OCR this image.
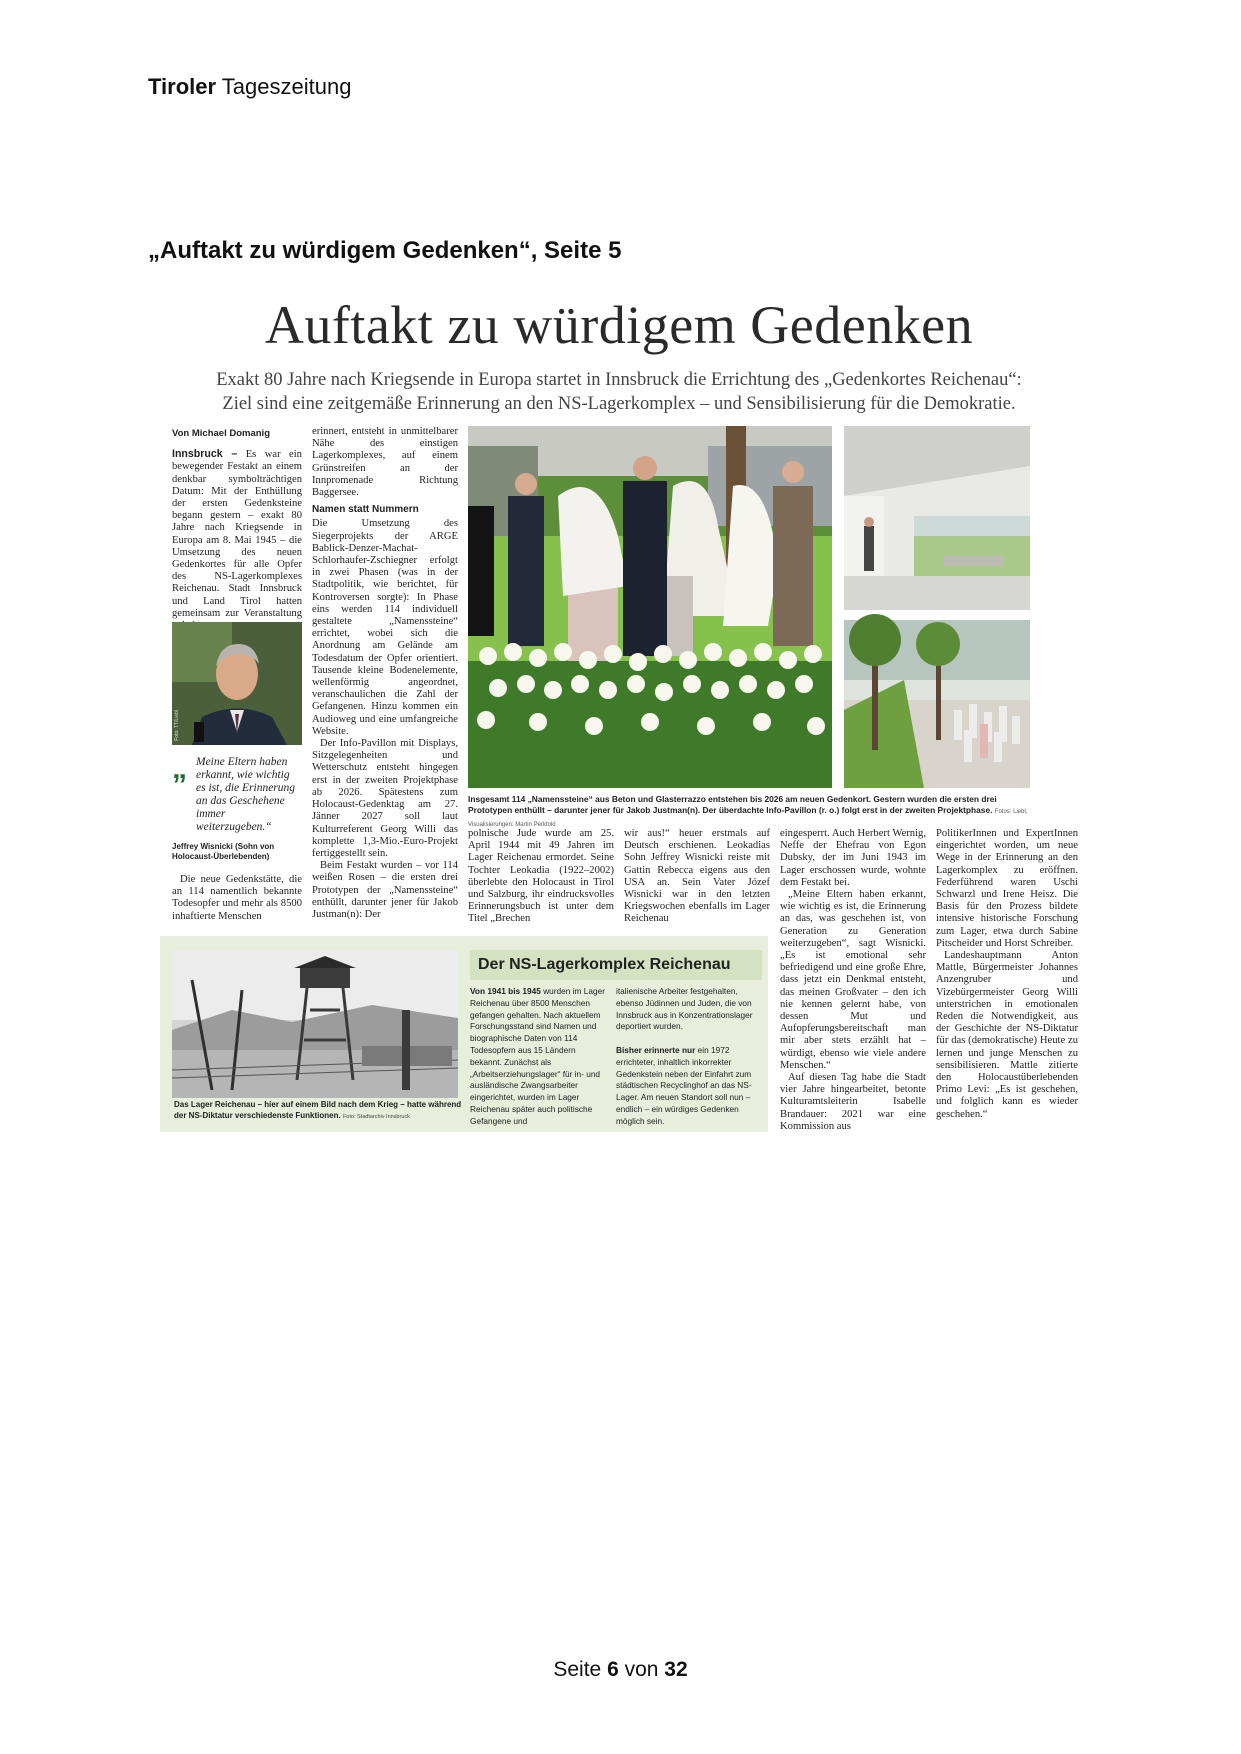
Tiroler Tageszeitung
„Auftakt zu würdigem Gedenken“, Seite 5
Auftakt zu würdigem Gedenken
Exakt 80 Jahre nach Kriegsende in Europa startet in Innsbruck die Errichtung des „Gedenkortes Reichenau“:
Ziel sind eine zeitgemäße Erinnerung an den NS-Lagerkomplex – und Sensibilisierung für die Demokratie.

Von Michael Domanig

Innsbruck – Es war ein bewegender Festakt an einem denkbar symbolträchtigen Datum: Mit der Enthüllung der ersten Gedenksteine begann gestern – exakt 80 Jahre nach Kriegsende in Europa am 8. Mai 1945 – die Umsetzung des neuen Gedenkortes für alle Opfer des NS-Lagerkomplexes Reichenau. Stadt Innsbruck und Land Tirol hatten gemeinsam zur Veranstaltung

Foto: TT/Liebl
„ Meine Eltern haben erkannt, wie wichtig es ist, die Erinnerung an das Geschehene immer weiterzugeben.“
Jeffrey Wisnicki (Sohn von Holocaust-Überlebenden)

Die neue Gedenkstätte, die an 114 namentlich bekannte Todesopfer und mehr als 8500 inhaftierte Menschen

erinnert, entsteht in unmittelbarer Nähe des einstigen Lagerkomplexes, auf einem Grünstreifen an der Innpromenade Richtung Baggersee.

Namen statt Nummern

Die Umsetzung des Siegerprojekts der ARGE Bablick-Denzer-Machat-Schlorhaufer-Zschiegner erfolgt in zwei Phasen (was in der Stadtpolitik, wie berichtet, für Kontroversen sorgte): In Phase eins werden 114 individuell gestaltete „Namenssteine“ errichtet, wobei sich die Anordnung am Gelände am Todesdatum der Opfer orientiert. Tausende kleine Bodenelemente, wellenförmig angeordnet, veranschaulichen die Zahl der Gefangenen. Hinzu kommen ein Audioweg und eine umfangreiche Website.

Der Info-Pavillon mit Displays, Sitzgelegenheiten und Wetterschutz entsteht hingegen erst in der zweiten Projektphase ab 2026. Spätestens zum Holocaust-Gedenktag am 27. Jänner 2027 soll laut Kulturreferent Georg Willi das komplette 1,3-Mio.-Euro-Projekt fertiggestellt sein.

Beim Festakt wurden – vor 114 weißen Rosen – die ersten drei Prototypen der „Namenssteine“ enthüllt, darunter jener für Jakob Justman(n): Der

Insgesamt 114 „Namenssteine“ aus Beton und Glasterrazzo entstehen bis 2026 am neuen Gedenkort. Gestern wurden die ersten drei Prototypen enthüllt – darunter jener für Jakob Justman(n). Der überdachte Info-Pavillon (r. o.) folgt erst in der zweiten Projektphase. Fotos: Liebl, Visualisierungen: Martin Perktold

polnische Jude wurde am 25. April 1944 mit 49 Jahren im Lager Reichenau ermordet. Seine Tochter Leokadia (1922–2002) überlebte den Holocaust in Tirol und Salzburg, ihr eindrucksvolles Erinnerungsbuch ist unter dem Titel „Brechen

wir aus!“ heuer erstmals auf Deutsch erschienen. Leokadias Sohn Jeffrey Wisnicki reiste mit Gattin Rebecca eigens aus den USA an. Sein Vater Józef Wisnicki war in den letzten Kriegswochen ebenfalls im Lager Reichenau

eingesperrt. Auch Herbert Wernig, Neffe der Ehefrau von Egon Dubsky, der im Juni 1943 im Lager erschossen wurde, wohnte dem Festakt bei.

„Meine Eltern haben erkannt, wie wichtig es ist, die Erinnerung an das, was geschehen ist, von Generation zu Generation weiterzugeben“, sagt Wisnicki. „Es ist emotional sehr befriedigend und eine große Ehre, dass jetzt ein Denkmal entsteht, das meinen Großvater – den ich nie kennen gelernt habe, von dessen Mut und Aufopferungsbereitschaft man mir aber stets erzählt hat – würdigt, ebenso wie viele andere Menschen.“

Auf diesen Tag habe die Stadt vier Jahre hingearbeitet, betonte Kulturamtsleiterin Isabelle Brandauer: 2021 war eine Kommission aus

PolitikerInnen und ExpertInnen eingerichtet worden, um neue Wege in der Erinnerung an den Lagerkomplex zu eröffnen. Federführend waren Uschi Schwarzl und Irene Heisz. Die Basis für den Prozess bildete intensive historische Forschung zum Lager, etwa durch Sabine Pitscheider und Horst Schreiber.

Landeshauptmann Anton Mattle, Bürgermeister Johannes Anzengruber und Vizebürgermeister Georg Willi unterstrichen in emotionalen Reden die Notwendigkeit, aus der Geschichte der NS-Diktatur für das (demokratische) Heute zu lernen und junge Menschen zu sensibilisieren. Mattle zitierte den Holocaustüberlebenden Primo Levi: „Es ist geschehen, und folglich kann es wieder geschehen.“

Das Lager Reichenau – hier auf einem Bild nach dem Krieg – hatte während der NS-Diktatur verschiedenste Funktionen. Foto: Stadtarchiv Innsbruck
Der NS-Lagerkomplex Reichenau
Von 1941 bis 1945 wurden im Lager Reichenau über 8500 Menschen gefangen gehalten. Nach aktuellem Forschungsstand sind Namen und biographische Daten von 114 Todesopfern aus 15 Ländern bekannt. Zunächst als „Arbeitserziehungslager“ für in- und ausländische Zwangsarbeiter eingerichtet, wurden im Lager Reichenau später auch politische Gefangene und
italienische Arbeiter festgehalten, ebenso Jüdinnen und Juden, die von Innsbruck aus in Konzentrationslager deportiert wurden.

Bisher erinnerte nur ein 1972 errichteter, inhaltlich inkorrekter Gedenkstein neben der Einfahrt zum städtischen Recyclinghof an das NS-Lager. Am neuen Standort soll nun – endlich – ein würdiges Gedenken möglich sein.
Seite 6 von 32
